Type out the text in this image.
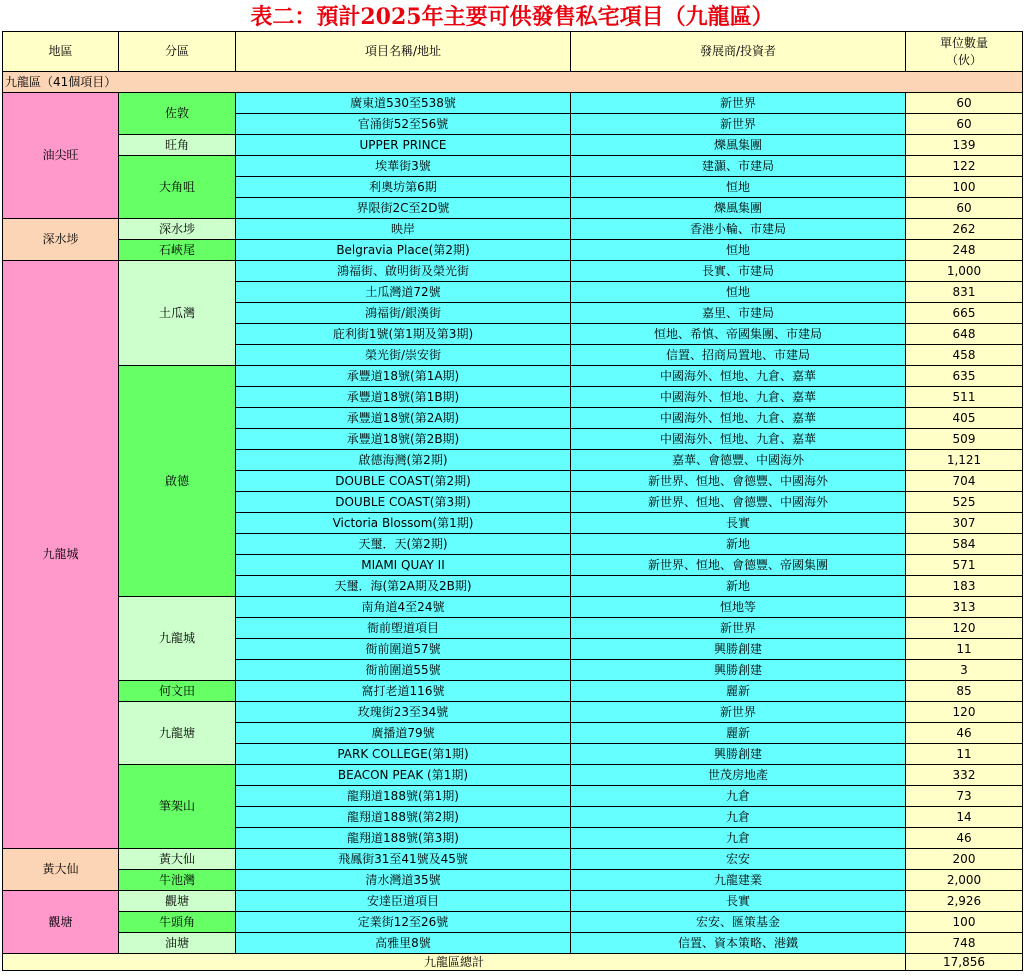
表二：預計2025年主要可供發售私宅項目（九龍區）
地區	分區	項目名稱/地址	發展商/投資者	單位數量
（伙）
九龍區（41個項目）				
油尖旺	佐敦	廣東道530至538號	新世界	60
		官涌街52至56號	新世界	60
	旺角	UPPER PRINCE	爍風集團	139
	大角咀	埃華街3號	建灝、市建局	122
		利奧坊第6期	恒地	100
		界限街2C至2D號	爍風集團	60
深水埗	深水埗	映岸	香港小輪、市建局	262
	石峽尾	Belgravia Place(第2期)	恒地	248
九龍城	土瓜灣	鴻福街、啟明街及榮光街	長實、市建局	1,000
		土瓜灣道72號	恒地	831
		鴻福街/銀漢街	嘉里、市建局	665
		庇利街1號(第1期及第3期)	恒地、希慎、帝國集團、市建局	648
		榮光街/崇安街	信置、招商局置地、市建局	458
	啟德	承豐道18號(第1A期)	中國海外、恒地、九倉、嘉華	635
		承豐道18號(第1B期)	中國海外、恒地、九倉、嘉華	511
		承豐道18號(第2A期)	中國海外、恒地、九倉、嘉華	405
		承豐道18號(第2B期)	中國海外、恒地、九倉、嘉華	509
		啟德海灣(第2期)	嘉華、會德豐、中國海外	1,121
		DOUBLE COAST(第2期)	新世界、恒地、會德豐、中國海外	704
		DOUBLE COAST(第3期)	新世界、恒地、會德豐、中國海外	525
		Victoria Blossom(第1期)	長實	307
		天璽．天(第2期)	新地	584
		MIAMI QUAY II	新世界、恒地、會德豐、帝國集團	571
		天璽．海(第2A期及2B期)	新地	183
	九龍城	南角道4至24號	恒地等	313
		衙前塱道項目	新世界	120
		衙前圍道57號	興勝創建	11
		衙前圍道55號	興勝創建	3
	何文田	窩打老道116號	麗新	85
	九龍塘	玫瑰街23至34號	新世界	120
		廣播道79號	麗新	46
		PARK COLLEGE(第1期)	興勝創建	11
	筆架山	BEACON PEAK (第1期)	世茂房地產	332
		龍翔道188號(第1期)	九倉	73
		龍翔道188號(第2期)	九倉	14
		龍翔道188號(第3期)	九倉	46
黃大仙	黃大仙	飛鳳街31至41號及45號	宏安	200
	牛池灣	清水灣道35號	九龍建業	2,000
觀塘	觀塘	安達臣道項目	長實	2,926
	牛頭角	定業街12至26號	宏安、匯策基金	100
	油塘	高雅里8號	信置、資本策略、港鐵	748
九龍區總計				17,856
